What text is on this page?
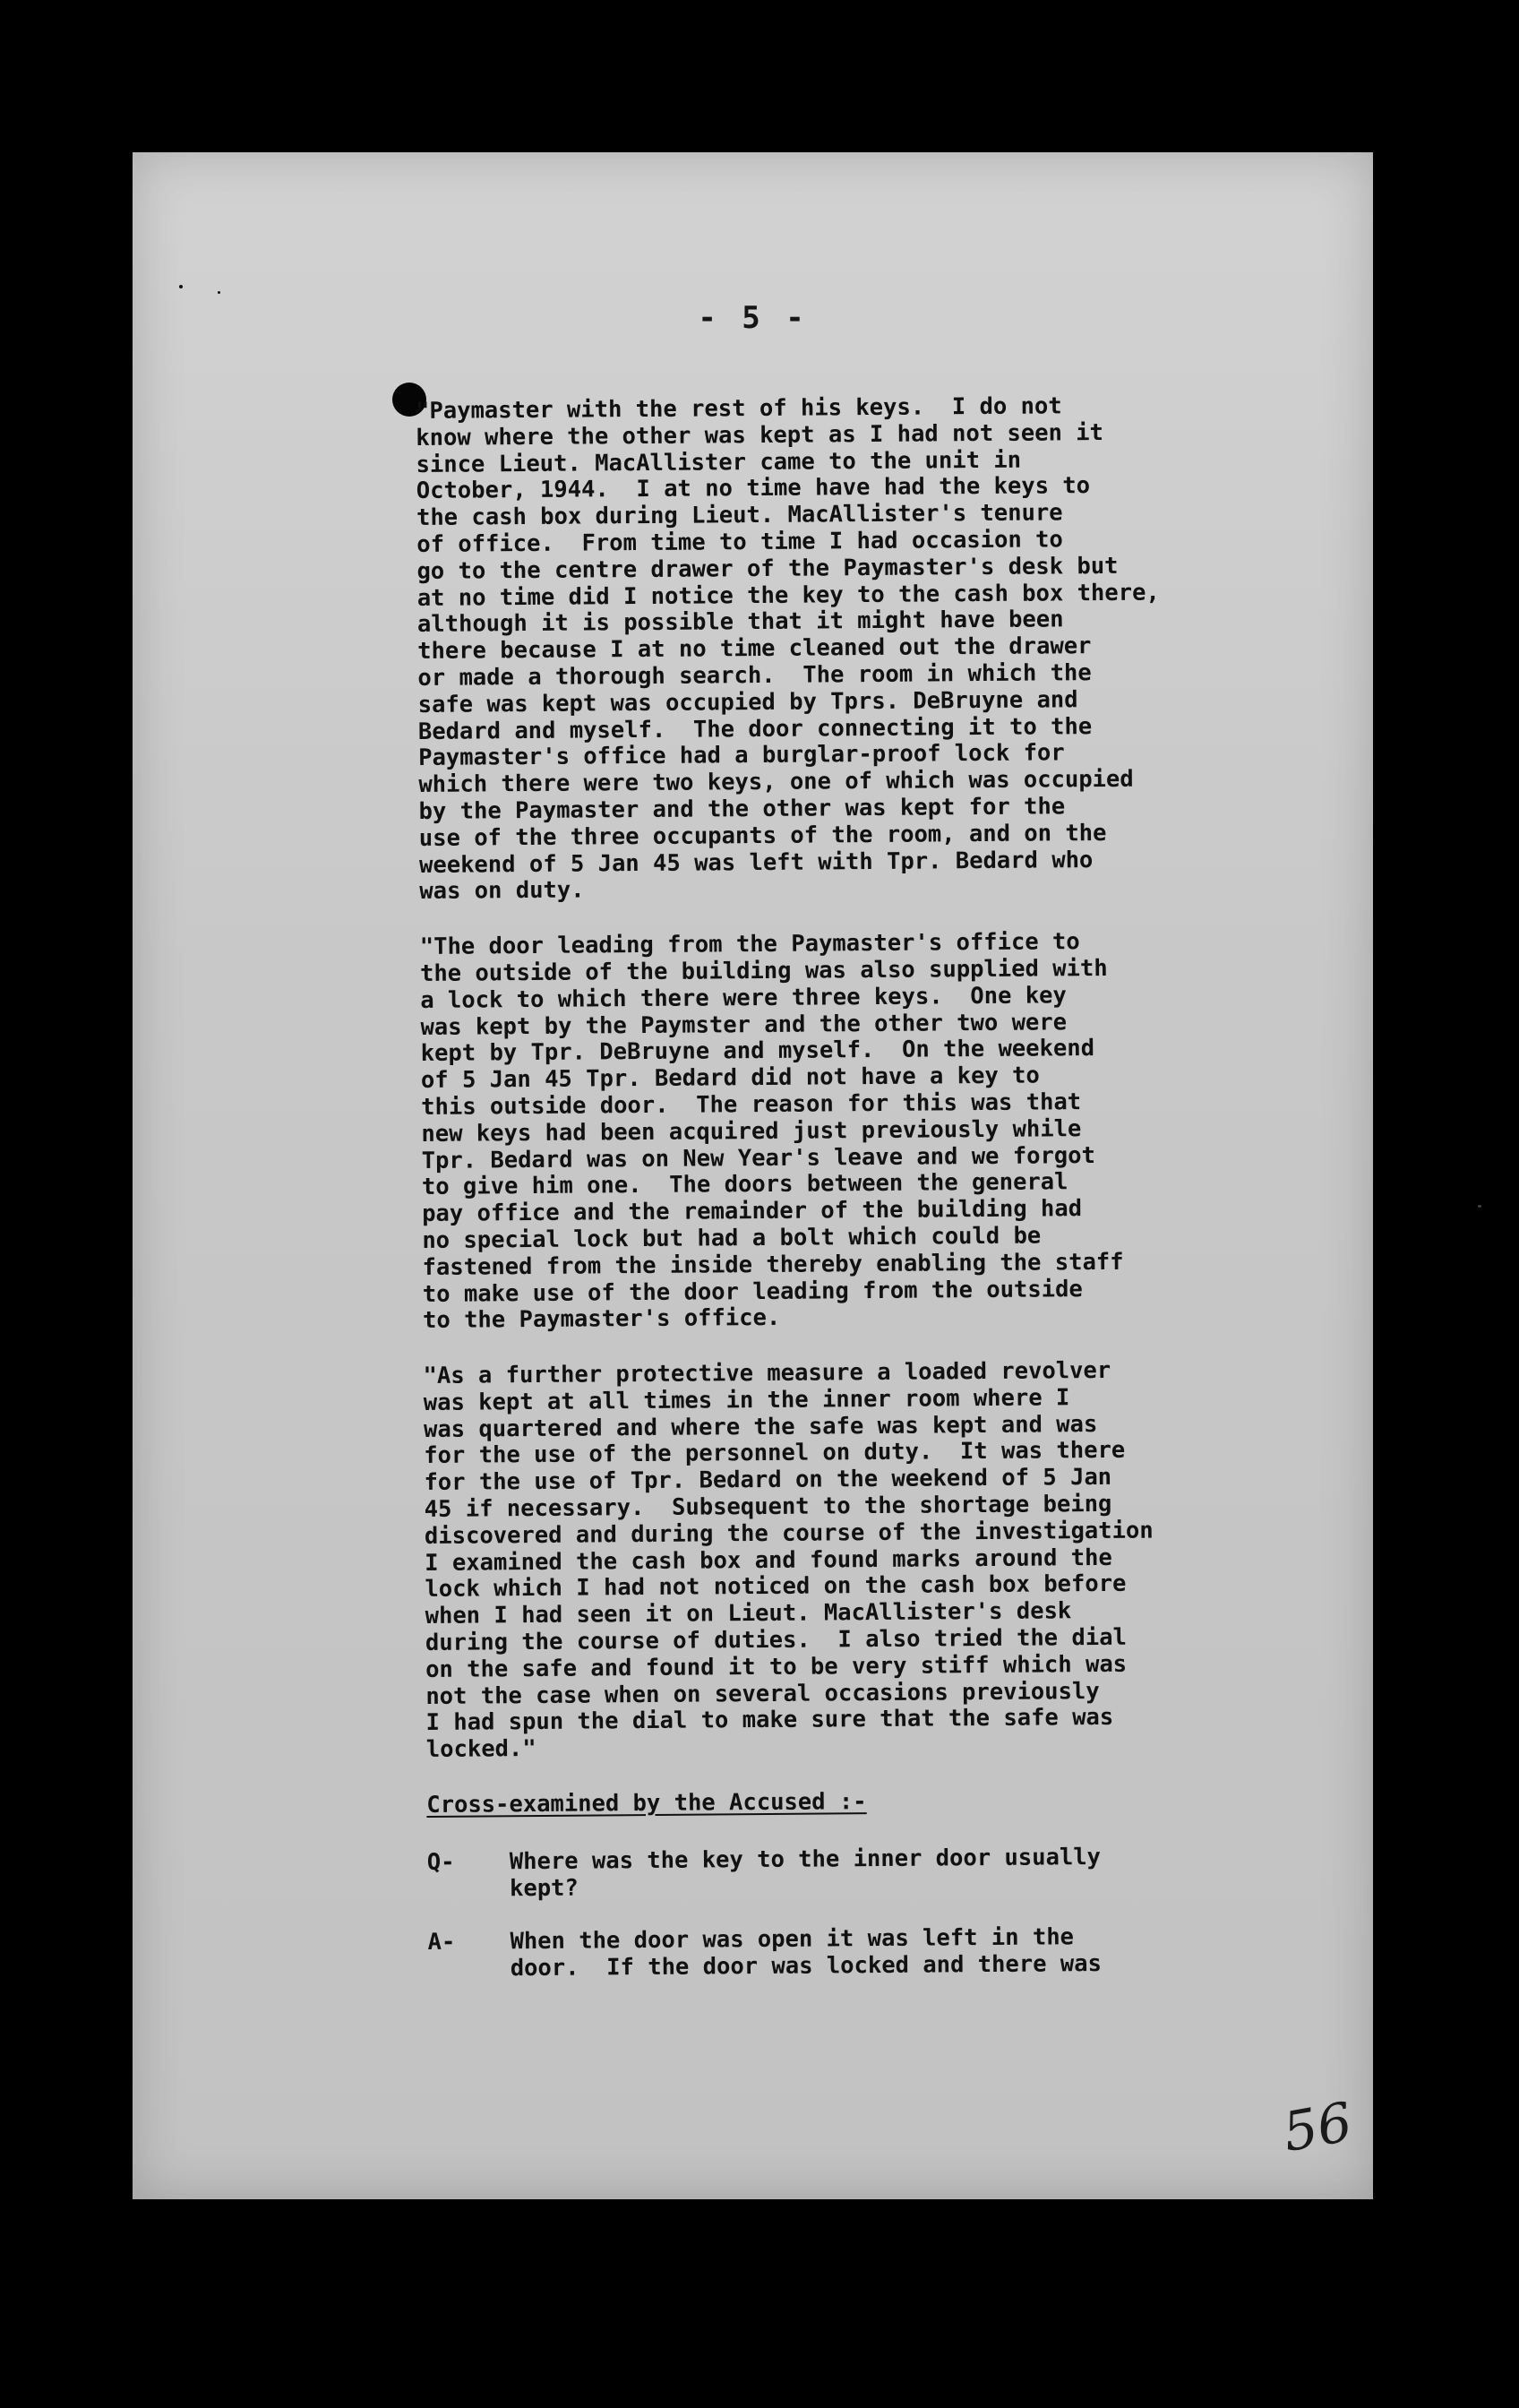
- 5 -

"Paymaster with the rest of his keys.  I do not
know where the other was kept as I had not seen it
since Lieut. MacAllister came to the unit in
October, 1944.  I at no time have had the keys to
the cash box during Lieut. MacAllister's tenure
of office.  From time to time I had occasion to
go to the centre drawer of the Paymaster's desk but
at no time did I notice the key to the cash box there,
although it is possible that it might have been
there because I at no time cleaned out the drawer
or made a thorough search.  The room in which the
safe was kept was occupied by Tprs. DeBruyne and
Bedard and myself.  The door connecting it to the
Paymaster's office had a burglar-proof lock for
which there were two keys, one of which was occupied
by the Paymaster and the other was kept for the
use of the three occupants of the room, and on the
weekend of 5 Jan 45 was left with Tpr. Bedard who
was on duty.

"The door leading from the Paymaster's office to
the outside of the building was also supplied with
a lock to which there were three keys.  One key
was kept by the Paymster and the other two were
kept by Tpr. DeBruyne and myself.  On the weekend
of 5 Jan 45 Tpr. Bedard did not have a key to
this outside door.  The reason for this was that
new keys had been acquired just previously while
Tpr. Bedard was on New Year's leave and we forgot
to give him one.  The doors between the general
pay office and the remainder of the building had
no special lock but had a bolt which could be
fastened from the inside thereby enabling the staff
to make use of the door leading from the outside
to the Paymaster's office.

"As a further protective measure a loaded revolver
was kept at all times in the inner room where I
was quartered and where the safe was kept and was
for the use of the personnel on duty.  It was there
for the use of Tpr. Bedard on the weekend of 5 Jan
45 if necessary.  Subsequent to the shortage being
discovered and during the course of the investigation
I examined the cash box and found marks around the
lock which I had not noticed on the cash box before
when I had seen it on Lieut. MacAllister's desk
during the course of duties.  I also tried the dial
on the safe and found it to be very stiff which was
not the case when on several occasions previously
I had spun the dial to make sure that the safe was
locked."

Cross-examined by the Accused :-
Q-	Where was the key to the inner door usually
kept?
A-	When the door was open it was left in the
door.  If the door was locked and there was
56
